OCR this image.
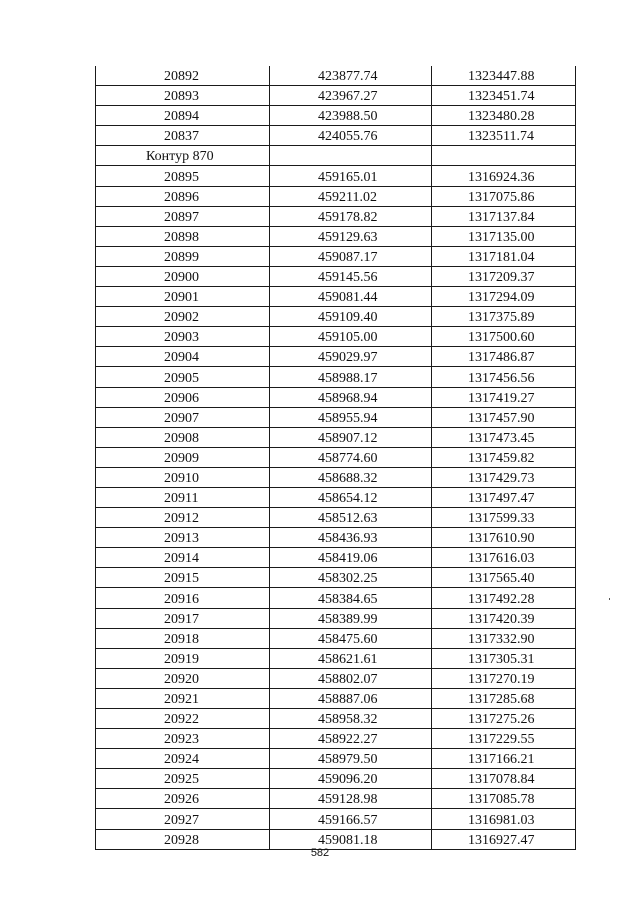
20892	423877.74	1323447.88
20893	423967.27	1323451.74
20894	423988.50	1323480.28
20837	424055.76	1323511.74
Контур 870		
20895	459165.01	1316924.36
20896	459211.02	1317075.86
20897	459178.82	1317137.84
20898	459129.63	1317135.00
20899	459087.17	1317181.04
20900	459145.56	1317209.37
20901	459081.44	1317294.09
20902	459109.40	1317375.89
20903	459105.00	1317500.60
20904	459029.97	1317486.87
20905	458988.17	1317456.56
20906	458968.94	1317419.27
20907	458955.94	1317457.90
20908	458907.12	1317473.45
20909	458774.60	1317459.82
20910	458688.32	1317429.73
20911	458654.12	1317497.47
20912	458512.63	1317599.33
20913	458436.93	1317610.90
20914	458419.06	1317616.03
20915	458302.25	1317565.40
20916	458384.65	1317492.28
20917	458389.99	1317420.39
20918	458475.60	1317332.90
20919	458621.61	1317305.31
20920	458802.07	1317270.19
20921	458887.06	1317285.68
20922	458958.32	1317275.26
20923	458922.27	1317229.55
20924	458979.50	1317166.21
20925	459096.20	1317078.84
20926	459128.98	1317085.78
20927	459166.57	1316981.03
20928	459081.18	1316927.47
582
